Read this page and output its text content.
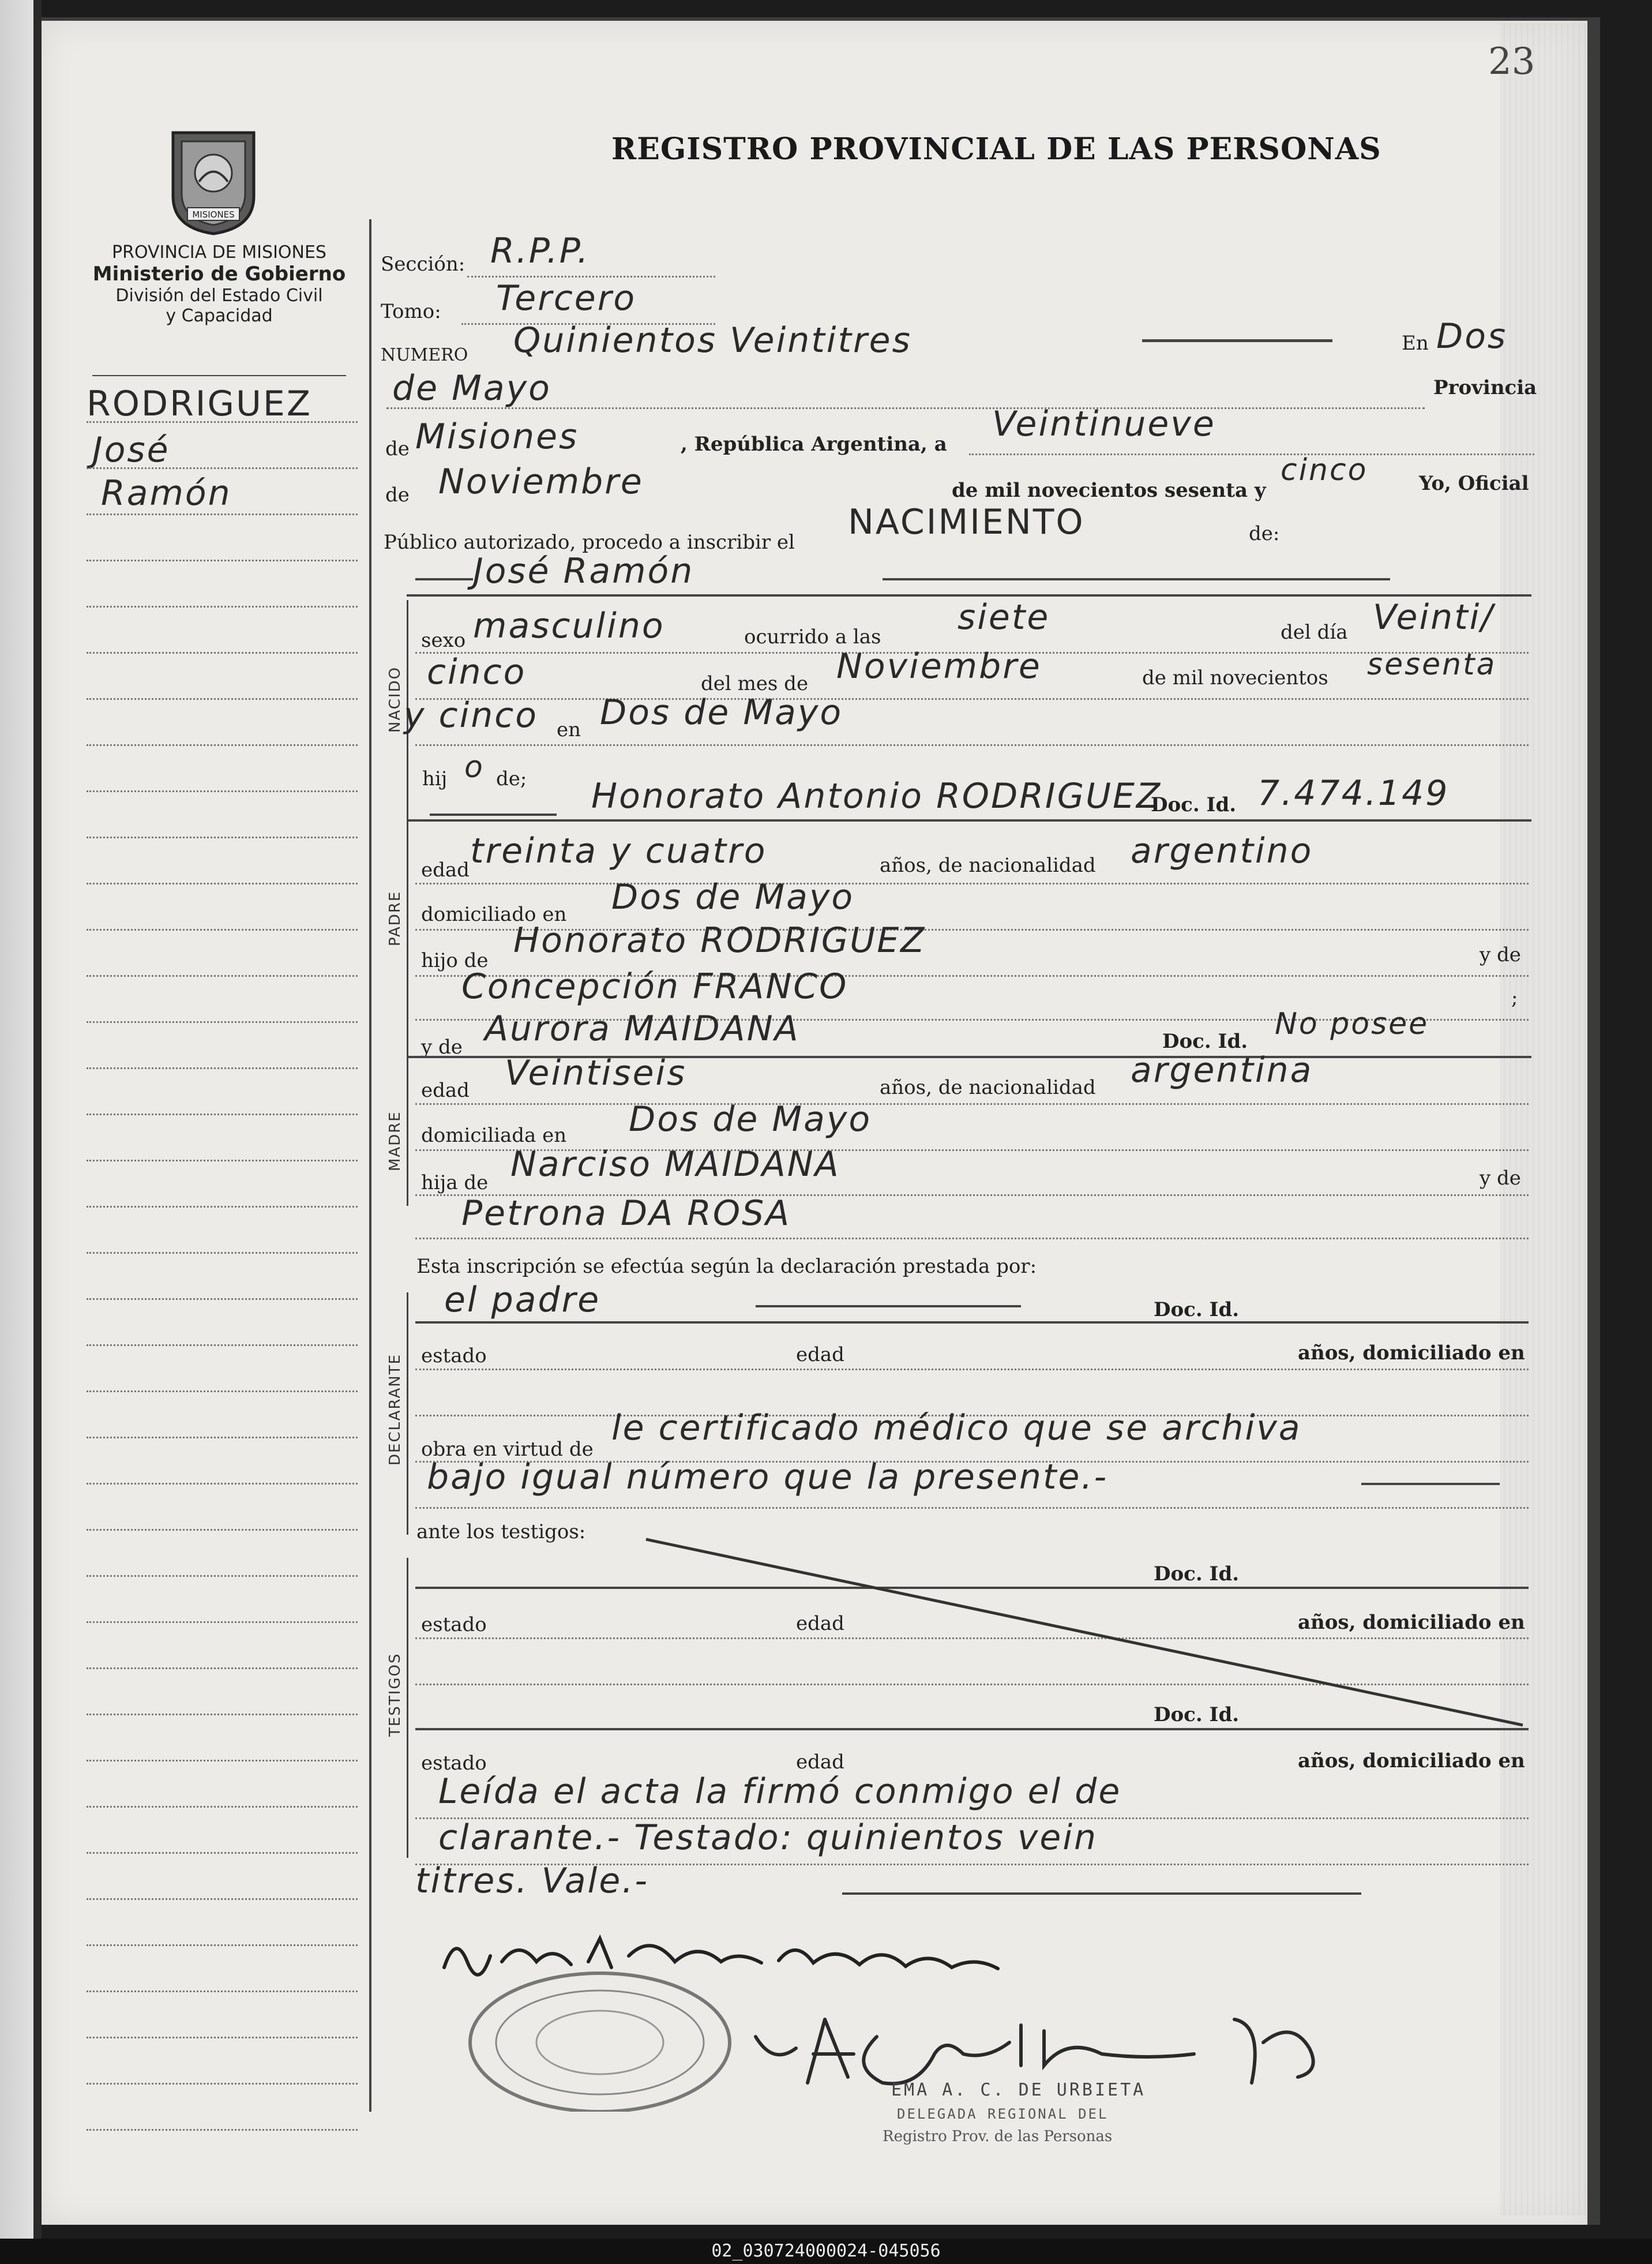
23
REGISTRO PROVINCIAL DE LAS PERSONAS
MISIONES
PROVINCIA DE MISIONES
Ministerio de Gobierno
División del Estado Civil
y Capacidad
RODRIGUEZ
José
Ramón
Sección: R.P.P.
Tomo: Tercero
NUMERO Quinientos Veintitres	En Dos
de Mayo	Provincia
de Misiones	, República Argentina, a Veintinueve
de Noviembre	de mil novecientos sesenta y
cinco	Yo, Oficial
Público autorizado, procedo a inscribir el NACIMIENTO	de:
José Ramón
NACIDO
sexo masculino	ocurrido a las siete	del día Veinti/
cinco	del mes de Noviembre	de mil novecientos sesenta
y cinco en Dos de Mayo
hij o de; Honorato Antonio RODRIGUEZ
Doc. Id. 7.474.149
PADRE
edad treinta y cuatro	años, de nacionalidad argentino
domiciliado en Dos de Mayo
hijo de Honorato RODRIGUEZ	y de
Concepción FRANCO	;
y de Aurora MAIDANA	Doc. Id. No posee
MADRE
edad Veintiseis	años, de nacionalidad argentina
domiciliada en Dos de Mayo
hija de Narciso MAIDANA	y de
Petrona DA ROSA
Esta inscripción se efectúa según la declaración prestada por:
DECLARANTE
el padre	Doc. Id.
estado	edad	años, domiciliado en
obra en virtud de
le certificado médico que se archiva
bajo igual número que la presente.-
ante los testigos:
TESTIGOS
Doc. Id.
estado	edad	años, domiciliado en
Doc. Id.
estado	edad	años, domiciliado en
Leída el acta la firmó conmigo el de
clarante.- Testado: quinientos vein
titres. Vale.-
EMA A. C. DE URBIETA
DELEGADA REGIONAL DEL
Registro Prov. de las Personas
02_030724000024-045056
